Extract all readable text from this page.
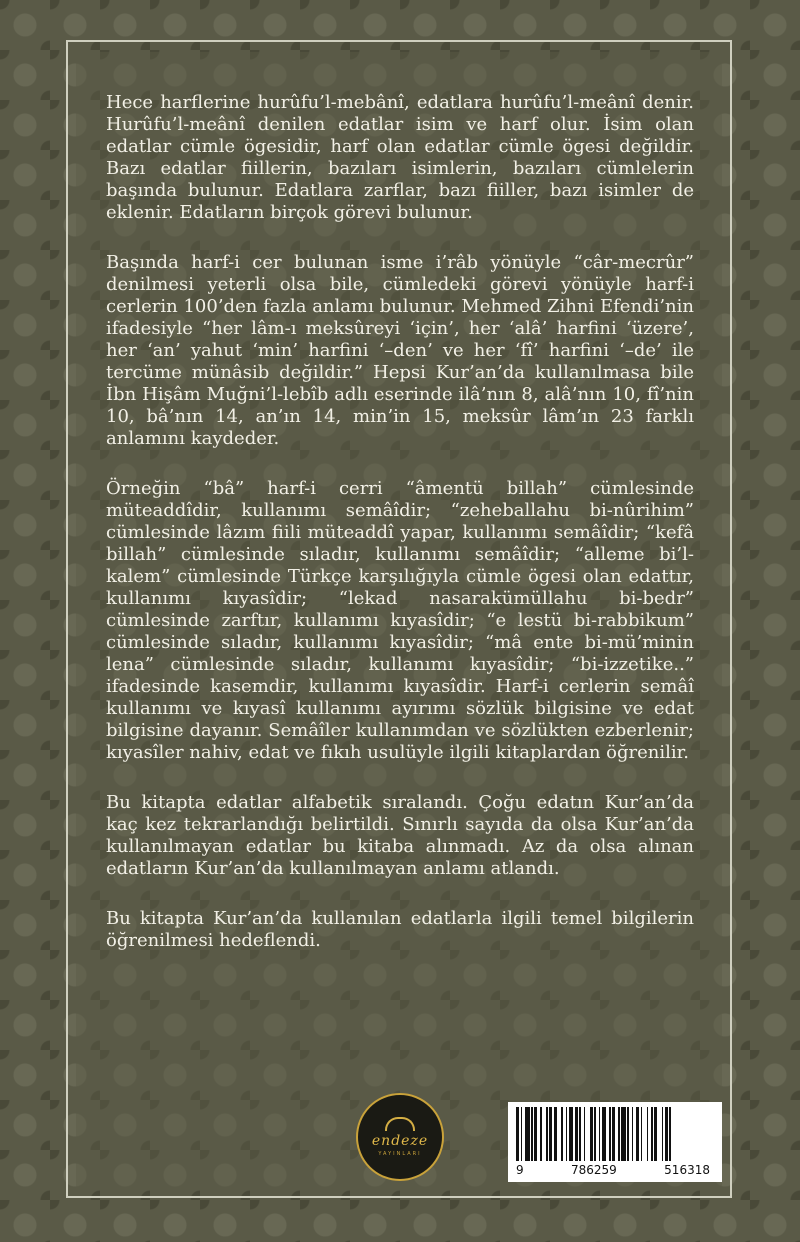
Hece harflerine hurûfu’l-mebânî, edatlara hurûfu’l-meânî denir. Hurûfu’l-meânî denilen edatlar isim ve harf olur. İsim olan edatlar cümle ögesidir, harf olan edatlar cümle ögesi değildir. Bazı edatlar fiillerin, bazıları isimlerin, bazıları cümlelerin başında bulunur. Edatlara zarflar, bazı fiiller, bazı isimler de eklenir. Edatların birçok görevi bulunur.

Başında harf-i cer bulunan isme i’râb yönüyle “câr-mecrûr” denilmesi yeterli olsa bile, cümledeki görevi yönüyle harf-i cerlerin 100’den fazla anlamı bulunur. Mehmed Zihni Efendi’nin ifadesiyle “her lâm-ı meksûreyi ‘için’, her ‘alâ’ harfini ‘üzere’, her ‘an’ yahut ‘min’ harfini ‘–den’ ve her ‘fî’ harfini ‘–de’ ile tercüme münâsib değildir.” Hepsi Kur’an’da kullanılmasa bile İbn Hişâm Muğni’l-lebîb adlı eserinde ilâ’nın 8, alâ’nın 10, fî’nin 10, bâ’nın 14, an’ın 14, min’in 15, meksûr lâm’ın 23 farklı anlamını kaydeder.

Örneğin “bâ” harf-i cerri “âmentü billah” cümlesinde müteaddîdir, kullanımı semâîdir; “zeheballahu bi-nûrihim” cümlesinde lâzım fiili müteaddî yapar, kullanımı semâîdir; “kefâ billah” cümlesinde sıladır, kullanımı semâîdir; “alleme bi’l-kalem” cümlesinde Türkçe karşılığıyla cümle ögesi olan edattır, kullanımı kıyasîdir; “lekad nasarakümüllahu bi-bedr” cümlesinde zarftır, kullanımı kıyasîdir; “e lestü bi-rabbikum” cümlesinde sıladır, kullanımı kıyasîdir; “mâ ente bi-mü’minin lena” cümlesinde sıladır, kullanımı kıyasîdir; “bi-izzetike..” ifadesinde kasemdir, kullanımı kıyasîdir. Harf-i cerlerin semâî kullanımı ve kıyasî kullanımı ayırımı sözlük bilgisine ve edat bilgisine dayanır. Semâîler kullanımdan ve sözlükten ezberlenir; kıyasîler nahiv, edat ve fıkıh usulüyle ilgili kitaplardan öğrenilir.

Bu kitapta edatlar alfabetik sıralandı. Çoğu edatın Kur’an’da kaç kez tekrarlandığı belirtildi. Sınırlı sayıda da olsa Kur’an’da kullanılmayan edatlar bu kitaba alınmadı. Az da olsa alınan edatların Kur’an’da kullanılmayan anlamı atlandı.

Bu kitapta Kur’an’da kullanılan edatlarla ilgili temel bilgilerin öğrenilmesi hedeflendi.

endeze
YAYINLARI
9	786259	516318
